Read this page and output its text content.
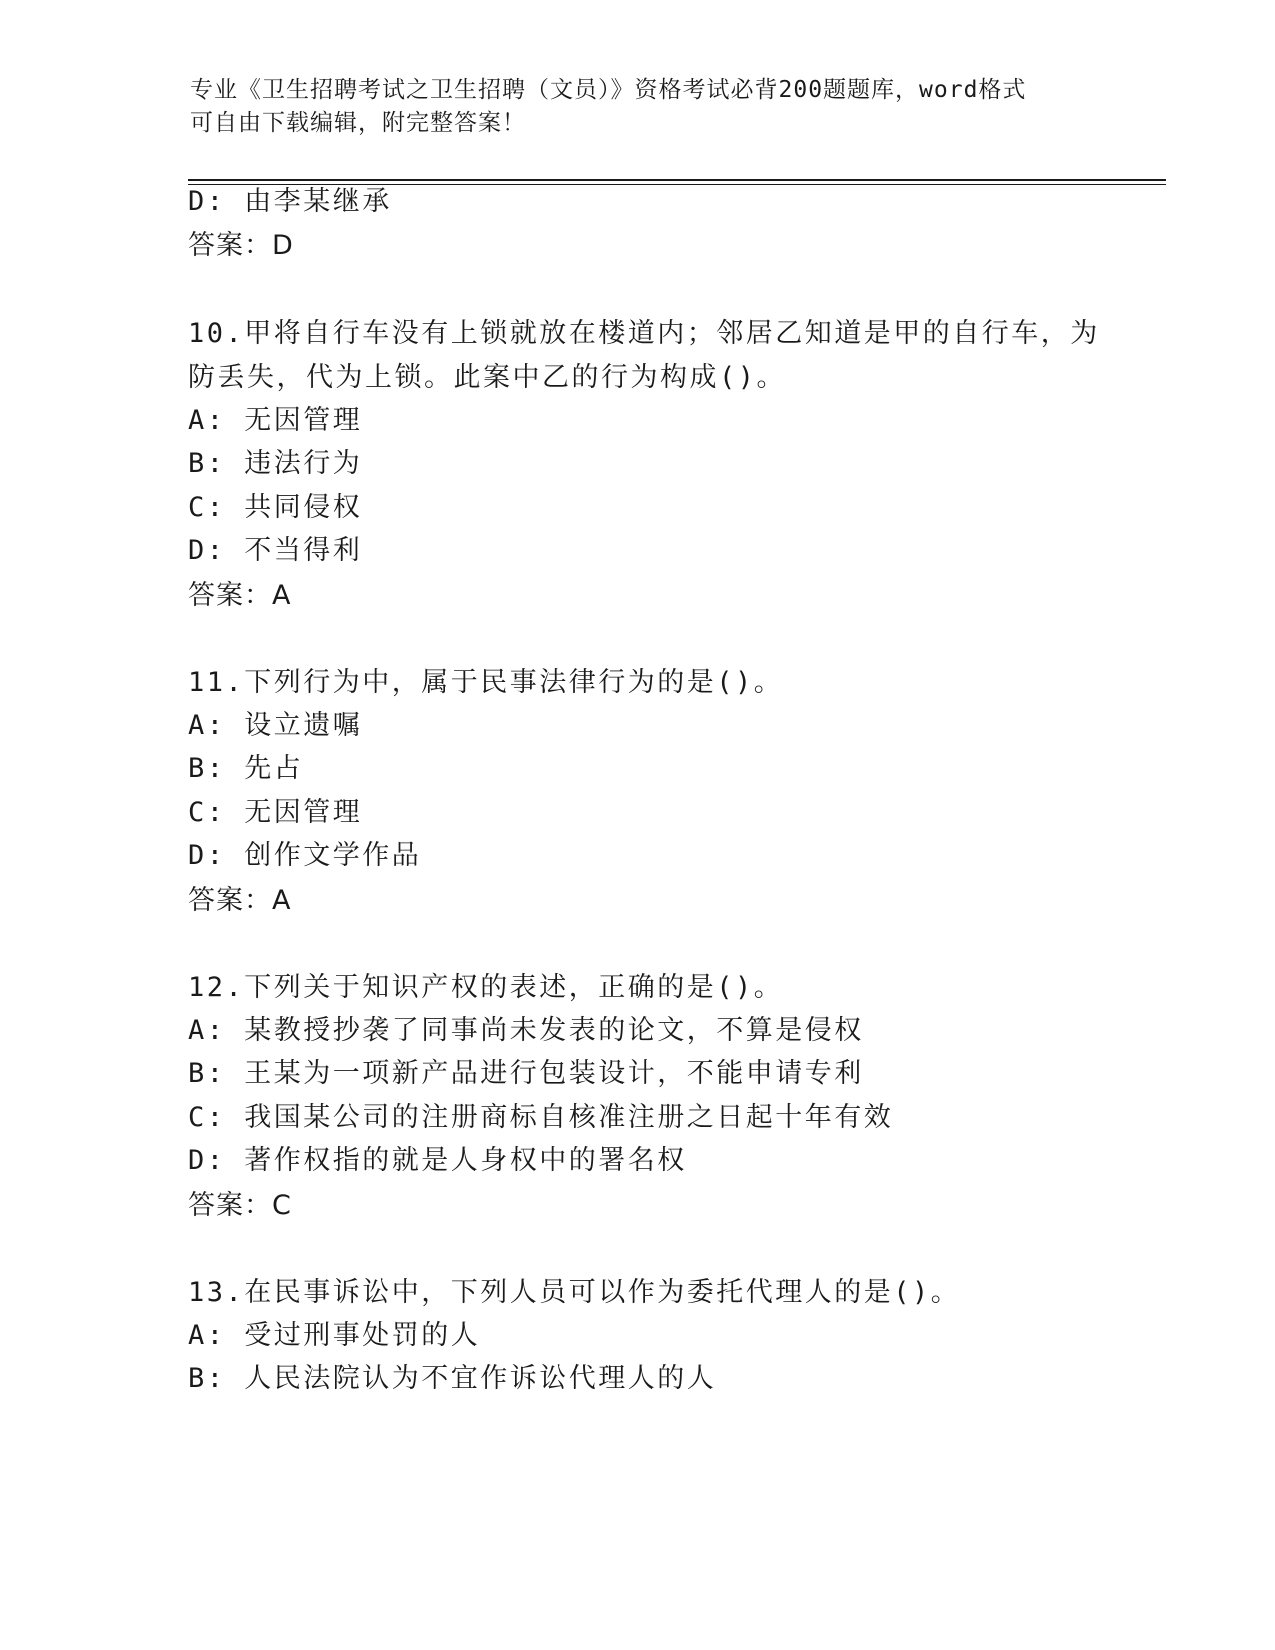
专业《卫生招聘考试之卫生招聘（文员）》资格考试必背200题题库，word格式
可自由下载编辑，附完整答案！
D: 由李某继承
答案：D
10.甲将自行车没有上锁就放在楼道内；邻居乙知道是甲的自行车，为
防丢失，代为上锁。此案中乙的行为构成()。
A: 无因管理
B: 违法行为
C: 共同侵权
D: 不当得利
答案：A
11.下列行为中，属于民事法律行为的是()。
A: 设立遗嘱
B: 先占
C: 无因管理
D: 创作文学作品
答案：A
12.下列关于知识产权的表述，正确的是()。
A: 某教授抄袭了同事尚未发表的论文，不算是侵权
B: 王某为一项新产品进行包装设计，不能申请专利
C: 我国某公司的注册商标自核准注册之日起十年有效
D: 著作权指的就是人身权中的署名权
答案：C
13.在民事诉讼中，下列人员可以作为委托代理人的是()。
A: 受过刑事处罚的人
B: 人民法院认为不宜作诉讼代理人的人
